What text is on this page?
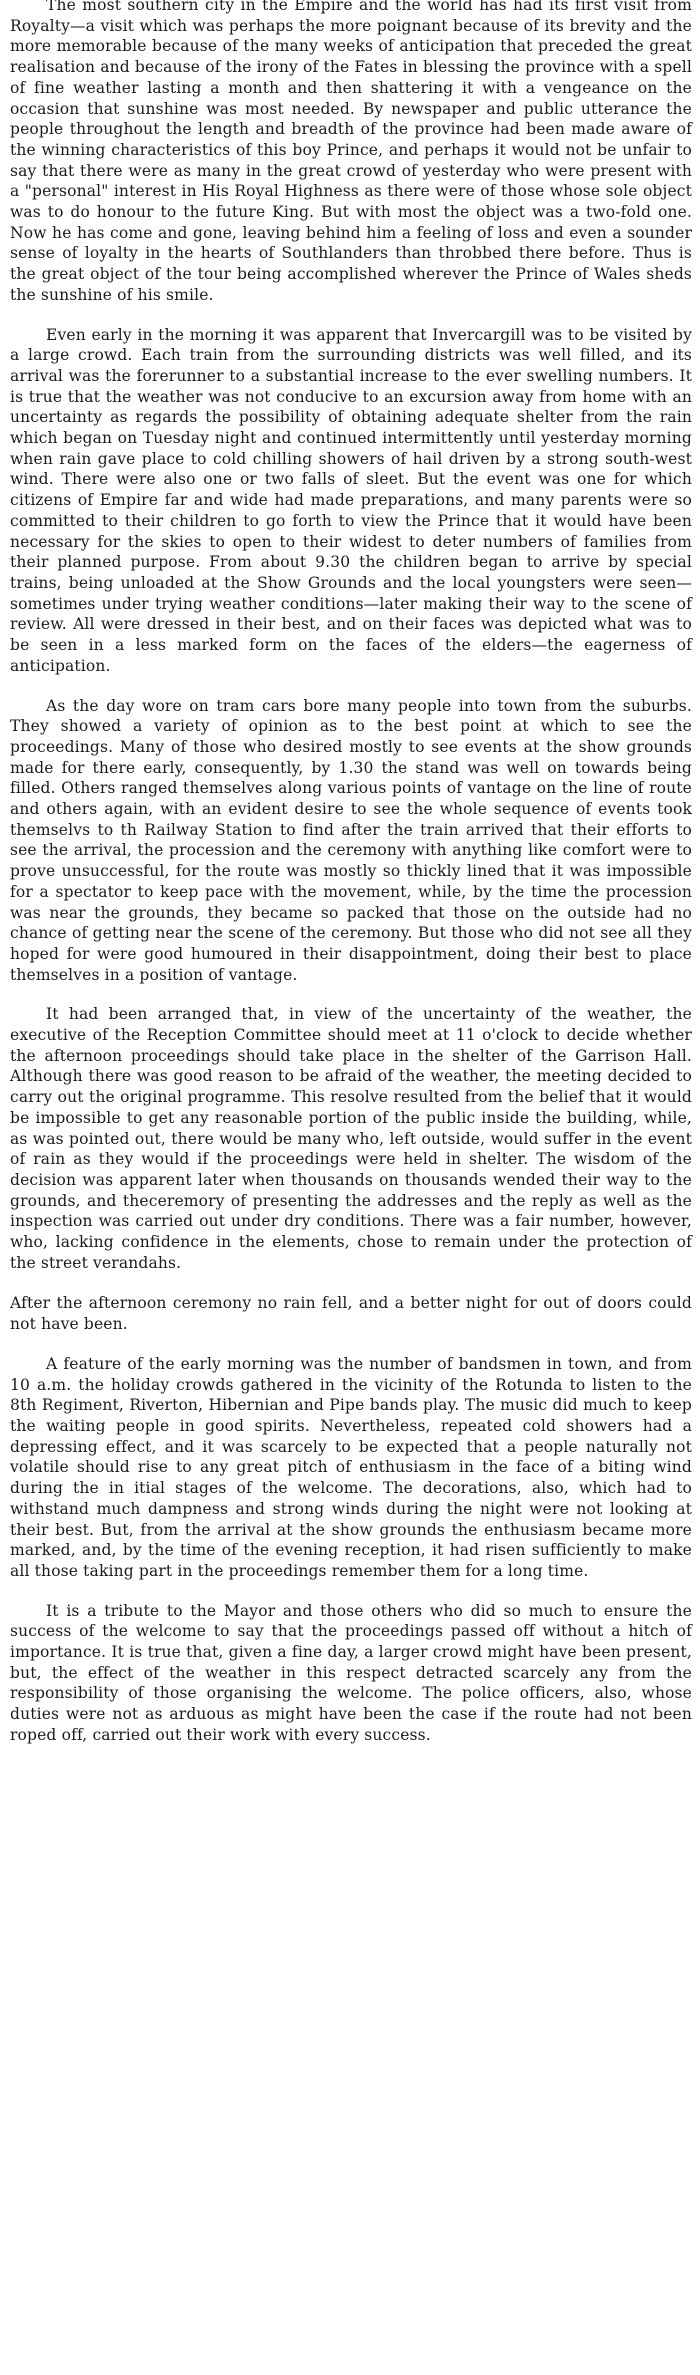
The most southern city in the Empire and the world has had its first visit from Royalty—a visit which was perhaps the more poignant because of its brevity and the more memorable because of the many weeks of anticipation that preceded the great realisation and because of the irony of the Fates in blessing the province with a spell of fine weather lasting a month and then shattering it with a vengeance on the occasion that sunshine was most needed. By newspaper and public utterance the people throughout the length and breadth of the province had been made aware of the winning characteristics of this boy Prince, and perhaps it would not be unfair to say that there were as many in the great crowd of yesterday who were present with a "personal" interest in His Royal Highness as there were of those whose sole object was to do honour to the future King. But with most the object was a two-fold one. Now he has come and gone, leaving behind him a feeling of loss and even a sounder sense of loyalty in the hearts of Southlanders than throbbed there before. Thus is the great object of the tour being accomplished wherever the Prince of Wales sheds the sunshine of his smile.

Even early in the morning it was apparent that Invercargill was to be visited by a large crowd. Each train from the surrounding districts was well filled, and its arrival was the forerunner to a substantial increase to the ever swelling numbers. It is true that the weather was not conducive to an excursion away from home with an uncertainty as regards the possibility of obtaining adequate shelter from the rain which began on Tuesday night and continued intermittently until yesterday morning when rain gave place to cold chilling showers of hail driven by a strong south-west wind. There were also one or two falls of sleet. But the event was one for which citizens of Empire far and wide had made preparations, and many parents were so committed to their children to go forth to view the Prince that it would have been necessary for the skies to open to their widest to deter numbers of families from their planned purpose. From about 9.30 the children began to arrive by special trains, being unloaded at the Show Grounds and the local youngsters were seen—sometimes under trying weather conditions—later making their way to the scene of review. All were dressed in their best, and on their faces was depicted what was to be seen in a less marked form on the faces of the elders—the eagerness of anticipation.

As the day wore on tram cars bore many people into town from the suburbs. They showed a variety of opinion as to the best point at which to see the proceedings. Many of those who desired mostly to see events at the show grounds made for there early, consequently, by 1.30 the stand was well on towards being filled. Others ranged themselves along various points of vantage on the line of route and others again, with an evident desire to see the whole sequence of events took themselvs to th Railway Station to find after the train arrived that their efforts to see the arrival, the procession and the ceremony with anything like comfort were to prove unsuccessful, for the route was mostly so thickly lined that it was impossible for a spectator to keep pace with the movement, while, by the time the procession was near the grounds, they became so packed that those on the outside had no chance of getting near the scene of the ceremony. But those who did not see all they hoped for were good humoured in their disappointment, doing their best to place themselves in a position of vantage.

It had been arranged that, in view of the uncertainty of the weather, the executive of the Reception Committee should meet at 11 o'clock to decide whether the afternoon proceedings should take place in the shelter of the Garrison Hall. Although there was good reason to be afraid of the weather, the meeting decided to carry out the original programme. This resolve resulted from the belief that it would be impossible to get any reasonable portion of the public inside the building, while, as was pointed out, there would be many who, left outside, would suffer in the event of rain as they would if the proceedings were held in shelter. The wisdom of the decision was apparent later when thousands on thousands wended their way to the grounds, and theceremory of presenting the addresses and the reply as well as the inspection was carried out under dry conditions. There was a fair number, however, who, lacking confidence in the elements, chose to remain under the protection of the street verandahs.

After the afternoon ceremony no rain fell, and a better night for out of doors could not have been.

A feature of the early morning was the number of bandsmen in town, and from 10 a.m. the holiday crowds gathered in the vicinity of the Rotunda to listen to the 8th Regiment, Riverton, Hibernian and Pipe bands play. The music did much to keep the waiting people in good spirits. Nevertheless, repeated cold showers had a depressing effect, and it was scarcely to be expected that a people naturally not volatile should rise to any great pitch of enthusiasm in the face of a biting wind during the in itial stages of the welcome. The decorations, also, which had to withstand much dampness and strong winds during the night were not looking at their best. But, from the arrival at the show grounds the enthusiasm became more marked, and, by the time of the evening reception, it had risen sufficiently to make all those taking part in the proceedings remember them for a long time.

It is a tribute to the Mayor and those others who did so much to ensure the success of the welcome to say that the proceedings passed off without a hitch of importance. It is true that, given a fine day, a larger crowd might have been present, but, the effect of the weather in this respect detracted scarcely any from the responsibility of those organising the welcome. The police officers, also, whose duties were not as arduous as might have been the case if the route had not been roped off, carried out their work with every success.
